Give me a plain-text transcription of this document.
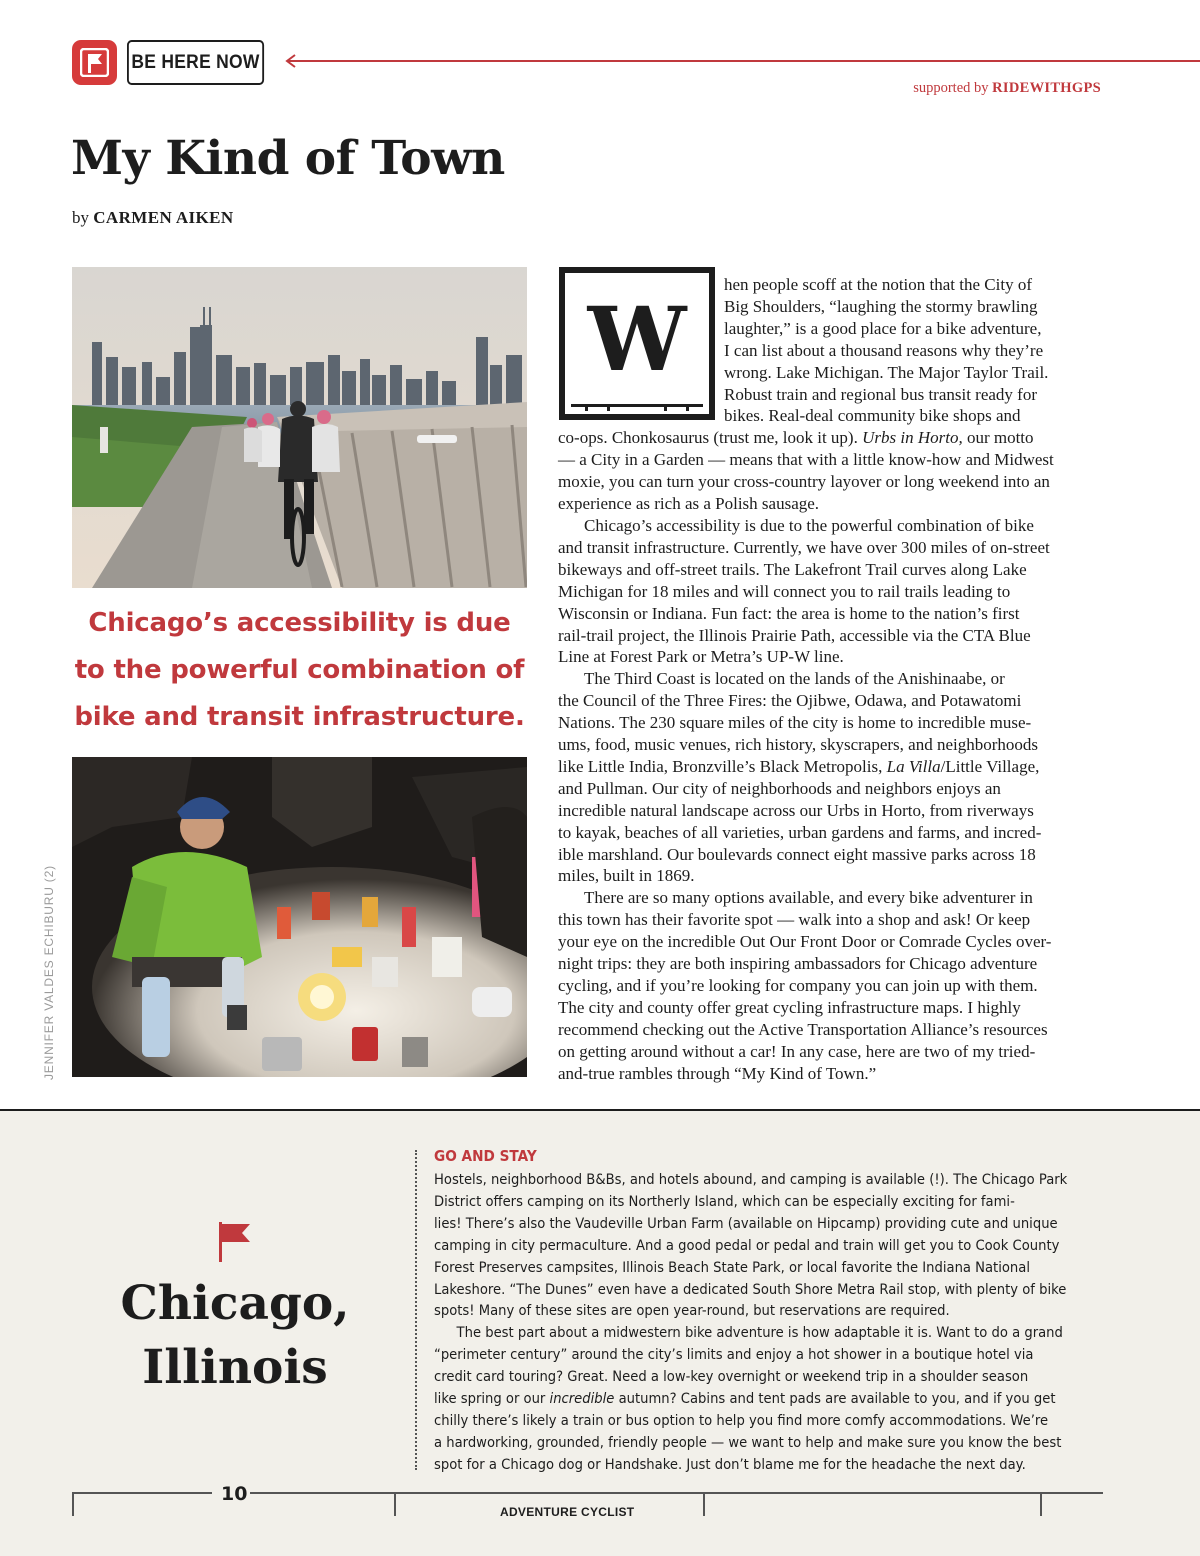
BE HERE NOW
supported by RIDEWITHGPS
My Kind of Town
by CARMEN AIKEN
Chicago’s accessibility is due
to the powerful combination of
bike and transit infrastructure.
JENNIFER VALDES ECHIBURU (2)
W

hen people scoff at the notion that the City of

Big Shoulders, “laughing the stormy brawling

laughter,” is a good place for a bike adventure,

I can list about a thousand reasons why they’re

wrong. Lake Michigan. The Major Taylor Trail.

Robust train and regional bus transit ready for

bikes. Real-deal community bike shops and

co-ops. Chonkosaurus (trust me, look it up). Urbs in Horto, our motto

— a City in a Garden — means that with a little know-how and Midwest

moxie, you can turn your cross-country layover or long weekend into an

experience as rich as a Polish sausage.

Chicago’s accessibility is due to the powerful combination of bike

and transit infrastructure. Currently, we have over 300 miles of on-street

bikeways and off-street trails. The Lakefront Trail curves along Lake

Michigan for 18 miles and will connect you to rail trails leading to

Wisconsin or Indiana. Fun fact: the area is home to the nation’s first

rail-trail project, the Illinois Prairie Path, accessible via the CTA Blue

Line at Forest Park or Metra’s UP-W line.

The Third Coast is located on the lands of the Anishinaabe, or

the Council of the Three Fires: the Ojibwe, Odawa, and Potawatomi

Nations. The 230 square miles of the city is home to incredible muse-

ums, food, music venues, rich history, skyscrapers, and neighborhoods

like Little India, Bronzville’s Black Metropolis, La Villa/Little Village,

and Pullman. Our city of neighborhoods and neighbors enjoys an

incredible natural landscape across our Urbs in Horto, from riverways

to kayak, beaches of all varieties, urban gardens and farms, and incred-

ible marshland. Our boulevards connect eight massive parks across 18

miles, built in 1869.

There are so many options available, and every bike adventurer in

this town has their favorite spot — walk into a shop and ask! Or keep

your eye on the incredible Out Our Front Door or Comrade Cycles over-

night trips: they are both inspiring ambassadors for Chicago adventure

cycling, and if you’re looking for company you can join up with them.

The city and county offer great cycling infrastructure maps. I highly

recommend checking out the Active Transportation Alliance’s resources

on getting around without a car! In any case, here are two of my tried-

and-true rambles through “My Kind of Town.”

Chicago,
Illinois
GO AND STAY

Hostels, neighborhood B&Bs, and hotels abound, and camping is available (!). The Chicago Park

District offers camping on its Northerly Island, which can be especially exciting for fami-

lies! There’s also the Vaudeville Urban Farm (available on Hipcamp) providing cute and unique

camping in city permaculture. And a good pedal or pedal and train will get you to Cook County

Forest Preserves campsites, Illinois Beach State Park, or local favorite the Indiana National

Lakeshore. “The Dunes” even have a dedicated South Shore Metra Rail stop, with plenty of bike

spots! Many of these sites are open year-round, but reservations are required.

The best part about a midwestern bike adventure is how adaptable it is. Want to do a grand

“perimeter century” around the city’s limits and enjoy a hot shower in a boutique hotel via

credit card touring? Great. Need a low-key overnight or weekend trip in a shoulder season

like spring or our incredible autumn? Cabins and tent pads are available to you, and if you get

chilly there’s likely a train or bus option to help you find more comfy accommodations. We’re

a hardworking, grounded, friendly people — we want to help and make sure you know the best

spot for a Chicago dog or Handshake. Just don’t blame me for the headache the next day.

10
ADVENTURE CYCLIST
